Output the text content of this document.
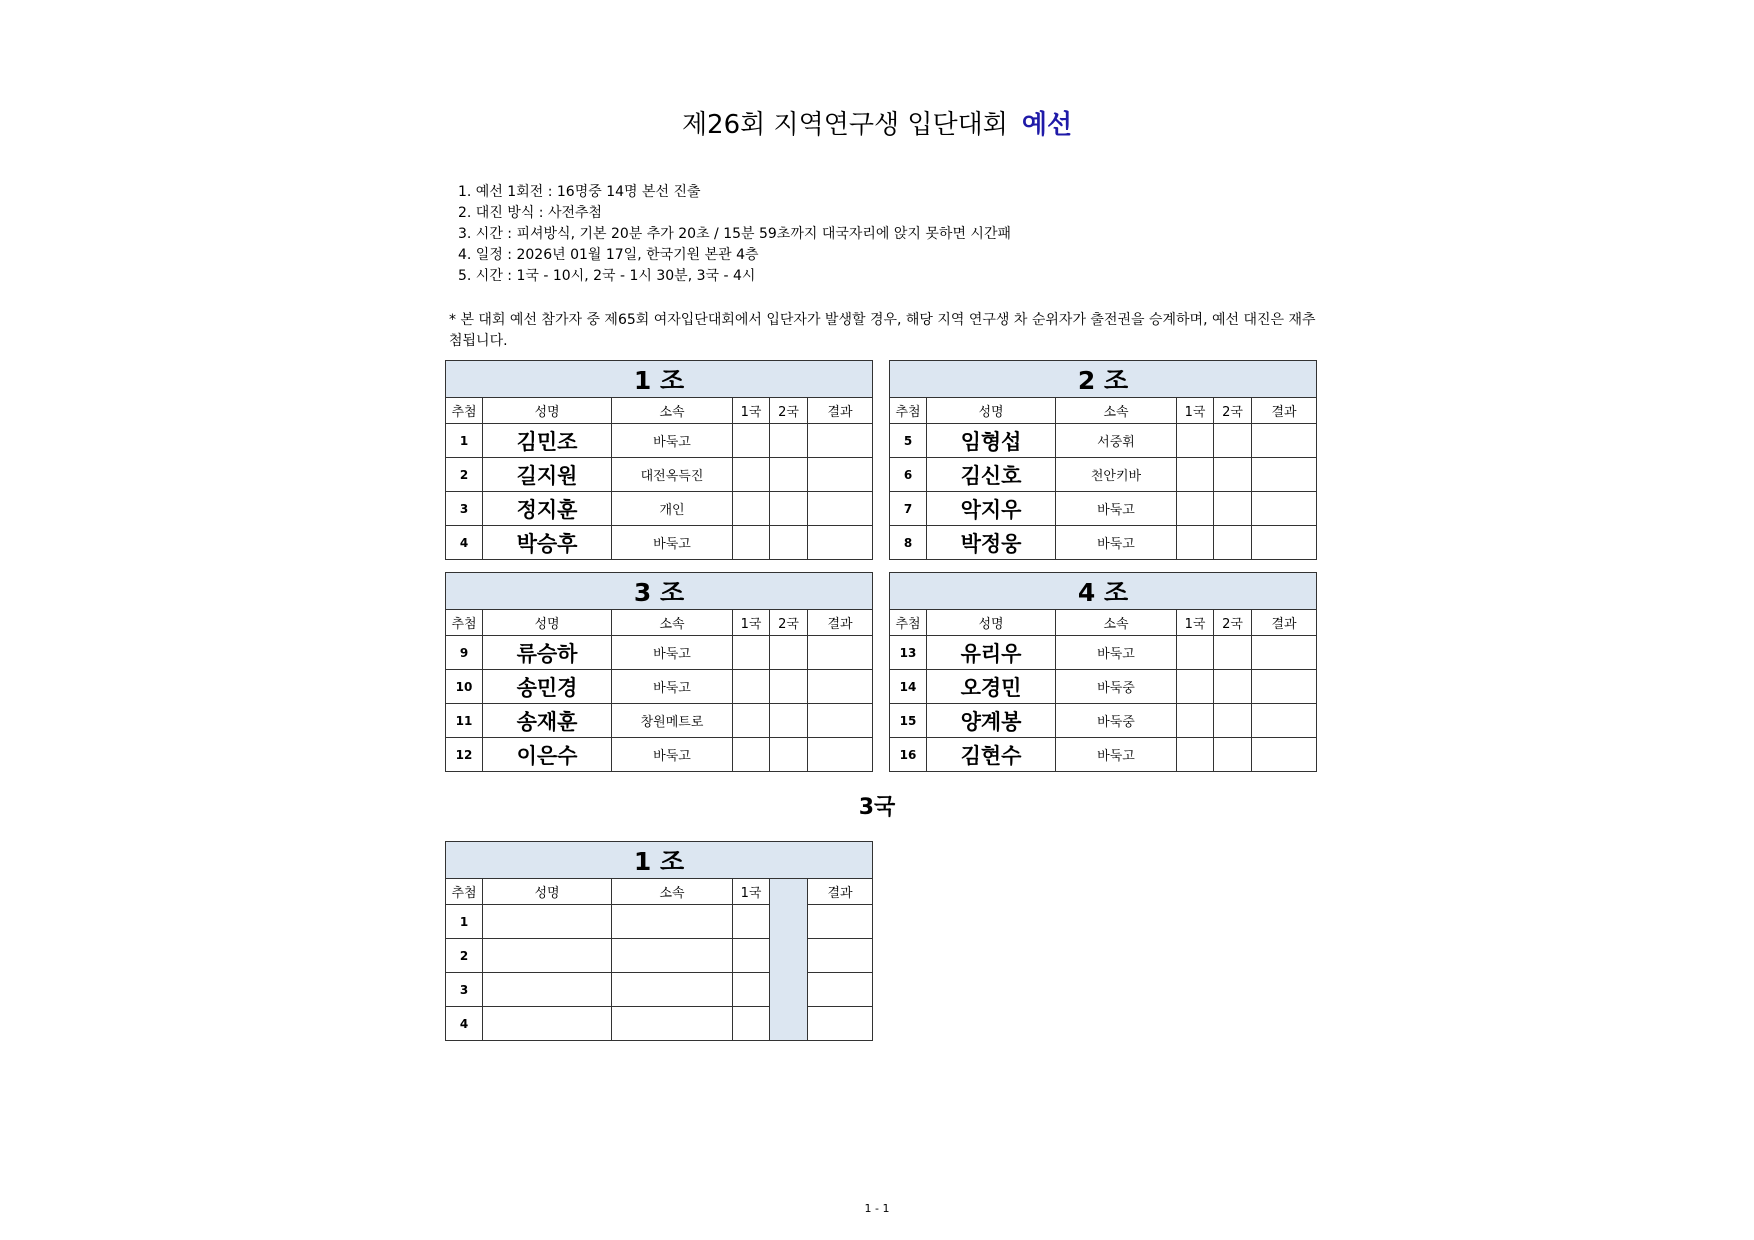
제26회 지역연구생 입단대회 예선
1. 예선 1회전 : 16명중 14명 본선 진출
2. 대진 방식 : 사전추첨
3. 시간 : 피셔방식, 기본 20분 추가 20초 / 15분 59초까지 대국자리에 앉지 못하면 시간패
4. 일정 : 2026년 01월 17일, 한국기원 본관 4층
5. 시간 : 1국 - 10시, 2국 - 1시 30분, 3국 - 4시
* 본 대회 예선 참가자 중 제65회 여자입단대회에서 입단자가 발생할 경우, 해당 지역 연구생 차 순위자가 출전권을 승계하며, 예선 대진은 재추첨됩니다.
1 조					
추첨	성명	소속	1국	2국	결과
1	김민조	바둑고			
2	길지원	대전옥득진			
3	정지훈	개인			
4	박승후	바둑고			
2 조					
추첨	성명	소속	1국	2국	결과
5	임형섭	서중휘			
6	김신호	천안키바			
7	악지우	바둑고			
8	박정웅	바둑고			
3 조					
추첨	성명	소속	1국	2국	결과
9	류승하	바둑고			
10	송민경	바둑고			
11	송재훈	창원메트로			
12	이은수	바둑고			
4 조					
추첨	성명	소속	1국	2국	결과
13	유리우	바둑고			
14	오경민	바둑중			
15	양계봉	바둑중			
16	김현수	바둑고			
3국
1 조					
추첨	성명	소속	1국		결과
1					
2					
3					
4					
1 - 1
